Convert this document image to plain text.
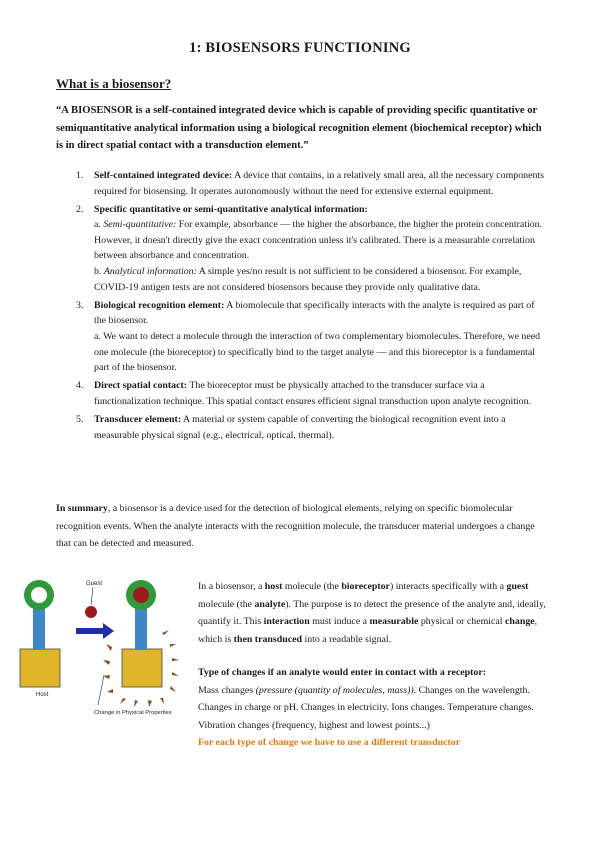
1: BIOSENSORS FUNCTIONING
What is a biosensor?
“A BIOSENSOR is a self-contained integrated device which is capable of providing specific quantitative or semiquantitative analytical information using a biological recognition element (biochemical receptor) which is in direct spatial contact with a transduction element.”
1. Self-contained integrated device: A device that contains, in a relatively small area, all the necessary components required for biosensing. It operates autonomously without the need for extensive external equipment.
2. Specific quantitative or semi-quantitative analytical information:
a. Semi-quantitative: For example, absorbance — the higher the absorbance, the higher the protein concentration. However, it doesn't directly give the exact concentration unless it's calibrated. There is a measurable correlation between absorbance and concentration.
b. Analytical information: A simple yes/no result is not sufficient to be considered a biosensor. For example, COVID-19 antigen tests are not considered biosensors because they provide only qualitative data.
3. Biological recognition element: A biomolecule that specifically interacts with the analyte is required as part of the biosensor.
a. We want to detect a molecule through the interaction of two complementary biomolecules. Therefore, we need one molecule (the bioreceptor) to specifically bind to the target analyte — and this bioreceptor is a fundamental part of the biosensor.
4. Direct spatial contact: The bioreceptor must be physically attached to the transducer surface via a functionalization technique. This spatial contact ensures efficient signal transduction upon analyte recognition.
5. Transducer element: A material or system capable of converting the biological recognition event into a measurable physical signal (e.g., electrical, optical, thermal).
In summary, a biosensor is a device used for the detection of biological elements, relying on specific biomolecular recognition events. When the analyte interacts with the recognition molecule, the transducer material undergoes a change that can be detected and measured.
Host
Guest
Change in Physical Properties

In a biosensor, a host molecule (the bioreceptor) interacts specifically with a guest molecule (the analyte). The purpose is to detect the presence of the analyte and, ideally, quantify it. This interaction must induce a measurable physical or chemical change, which is then transduced into a readable signal.

Type of changes if an analyte would enter in contact with a receptor:

Mass changes (pressure (quantity of molecules, mass)). Changes on the wavelength. Changes in charge or pH. Changes in electricity. Ions changes. Temperature changes. Vibration changes (frequency, highest and lowest points...)

For each type of change we have to use a different transductor
